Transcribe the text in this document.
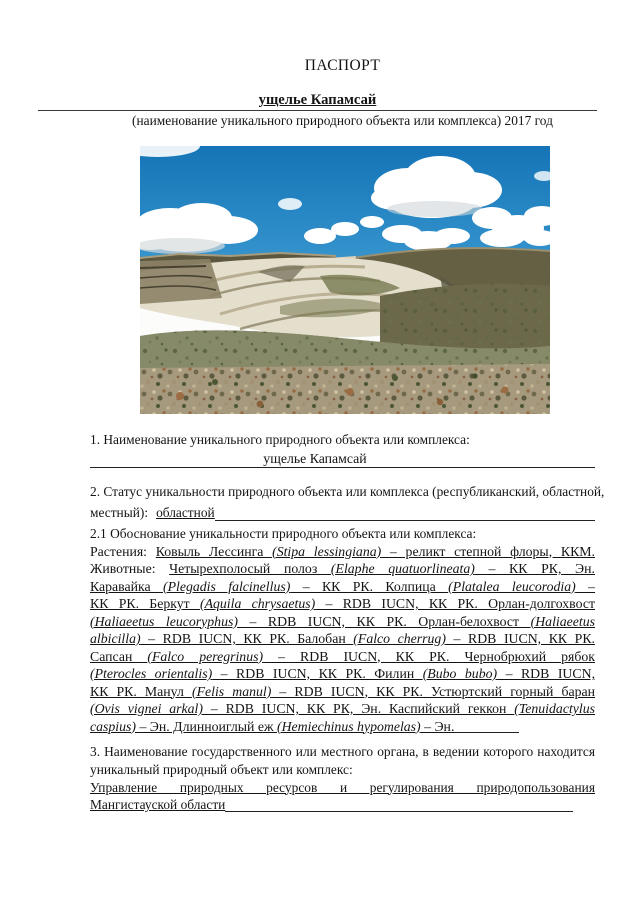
ПАСПОРТ
ущелье Капамсай
(наименование уникального природного объекта или комплекса) 2017 год
1. Наименование уникального природного объекта или комплекса:
ущелье Капамсай
2. Статус уникальности природного объекта или комплекса (республиканский, областной,
местный): областной
2.1 Обоснование уникальности природного объекта или комплекса:
Растения: Ковыль Лессинга (Stipa lessingiana) – реликт степной флоры, ККМ.
Животные: Четырехполосый полоз (Elaphe quatuorlineata) – КК РК, Эн.
Каравайка (Plegadis falcinellus) – КК РК. Колпица (Platalea leucorodia) –
КК РК. Беркут (Aquila chrysaetus) – RDB IUCN, КК РК. Орлан-долгохвост
(Haliaeetus leucoryphus) – RDB IUCN, КК РК. Орлан-белохвост (Haliaeetus
albicilla) – RDB IUCN, КК РК. Балобан (Falco cherrug) – RDB IUCN, КК РК.
Сапсан (Falco peregrinus) – RDB IUCN, КК РК. Чернобрюхий рябок
(Pterocles orientalis) – RDB IUCN, КК РК. Филин (Bubo bubo) – RDB IUCN,
КК РК. Манул (Felis manul) – RDB IUCN, КК РК. Устюртский горный баран
(Ovis vignei arkal) – RDB IUCN, КК РК, Эн. Каспийский геккон (Tenuidactylus
caspius) – Эн. Длинноиглый еж (Hemiechinus hypomelas) – Эн.
3. Наименование государственного или местного органа, в ведении которого находится
уникальный природный объект или комплекс:
Управление природных ресурсов и регулирования природопользования
Мангистауской области
